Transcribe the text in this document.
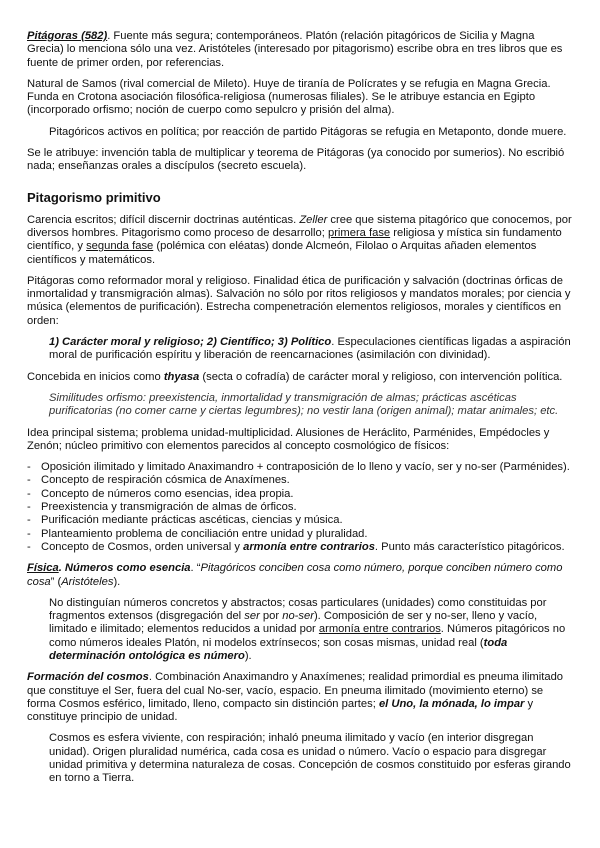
Pitágoras (582). Fuente más segura; contemporáneos. Platón (relación pitagóricos de Sicilia y Magna Grecia) lo menciona sólo una vez. Aristóteles (interesado por pitagorismo) escribe obra en tres libros que es fuente de primer orden, por referencias.

Natural de Samos (rival comercial de Mileto). Huye de tiranía de Polícrates y se refugia en Magna Grecia. Funda en Crotona asociación filosófica-religiosa (numerosas filiales). Se le atribuye estancia en Egipto (incorporado orfismo; noción de cuerpo como sepulcro y prisión del alma).

Pitagóricos activos en política; por reacción de partido Pitágoras se refugia en Metaponto, donde muere.

Se le atribuye: invención tabla de multiplicar y teorema de Pitágoras (ya conocido por sumerios). No escribió nada; enseñanzas orales a discípulos (secreto escuela).

Pitagorismo primitivo

Carencia escritos; difícil discernir doctrinas auténticas. Zeller cree que sistema pitagórico que conocemos, por diversos hombres. Pitagorismo como proceso de desarrollo; primera fase religiosa y mística sin fundamento científico, y segunda fase (polémica con eléatas) donde Alcmeón, Filolao o Arquitas añaden elementos científicos y matemáticos.

Pitágoras como reformador moral y religioso. Finalidad ética de purificación y salvación (doctrinas órficas de inmortalidad y transmigración almas). Salvación no sólo por ritos religiosos y mandatos morales; por ciencia y música (elementos de purificación). Estrecha compenetración elementos religiosos, morales y científicos en orden:

1) Carácter moral y religioso; 2) Científico; 3) Político. Especulaciones científicas ligadas a aspiración moral de purificación espíritu y liberación de reencarnaciones (asimilación con divinidad).

Concebida en inicios como thyasa (secta o cofradía) de carácter moral y religioso, con intervención política.

Similitudes orfismo: preexistencia, inmortalidad y transmigración de almas; prácticas ascéticas purificatorias (no comer carne y ciertas legumbres); no vestir lana (origen animal); matar animales; etc.

Idea principal sistema; problema unidad-multiplicidad. Alusiones de Heráclito, Parménides, Empédocles y Zenón; núcleo primitivo con elementos parecidos al concepto cosmológico de físicos:

- Oposición ilimitado y limitado Anaximandro + contraposición de lo lleno y vacío, ser y no-ser (Parménides).
- Concepto de respiración cósmica de Anaxímenes.
- Concepto de números como esencias, idea propia.
- Preexistencia y transmigración de almas de órficos.
- Purificación mediante prácticas ascéticas, ciencias y música.
- Planteamiento problema de conciliación entre unidad y pluralidad.
- Concepto de Cosmos, orden universal y armonía entre contrarios. Punto más característico pitagóricos.

Física. Números como esencia. “Pitagóricos conciben cosa como número, porque conciben número como cosa” (Aristóteles).

No distinguían números concretos y abstractos; cosas particulares (unidades) como constituidas por fragmentos extensos (disgregación del ser por no-ser). Composición de ser y no-ser, lleno y vacío, limitado e ilimitado; elementos reducidos a unidad por armonía entre contrarios. Números pitagóricos no como números ideales Platón, ni modelos extrínsecos; son cosas mismas, unidad real (toda determinación ontológica es número).

Formación del cosmos. Combinación Anaximandro y Anaxímenes; realidad primordial es pneuma ilimitado que constituye el Ser, fuera del cual No-ser, vacío, espacio. En pneuma ilimitado (movimiento eterno) se forma Cosmos esférico, limitado, lleno, compacto sin distinción partes; el Uno, la mónada, lo impar y constituye principio de unidad.

Cosmos es esfera viviente, con respiración; inhaló pneuma ilimitado y vacío (en interior disgregan unidad). Origen pluralidad numérica, cada cosa es unidad o número. Vacío o espacio para disgregar unidad primitiva y determina naturaleza de cosas. Concepción de cosmos constituido por esferas girando en torno a Tierra.
